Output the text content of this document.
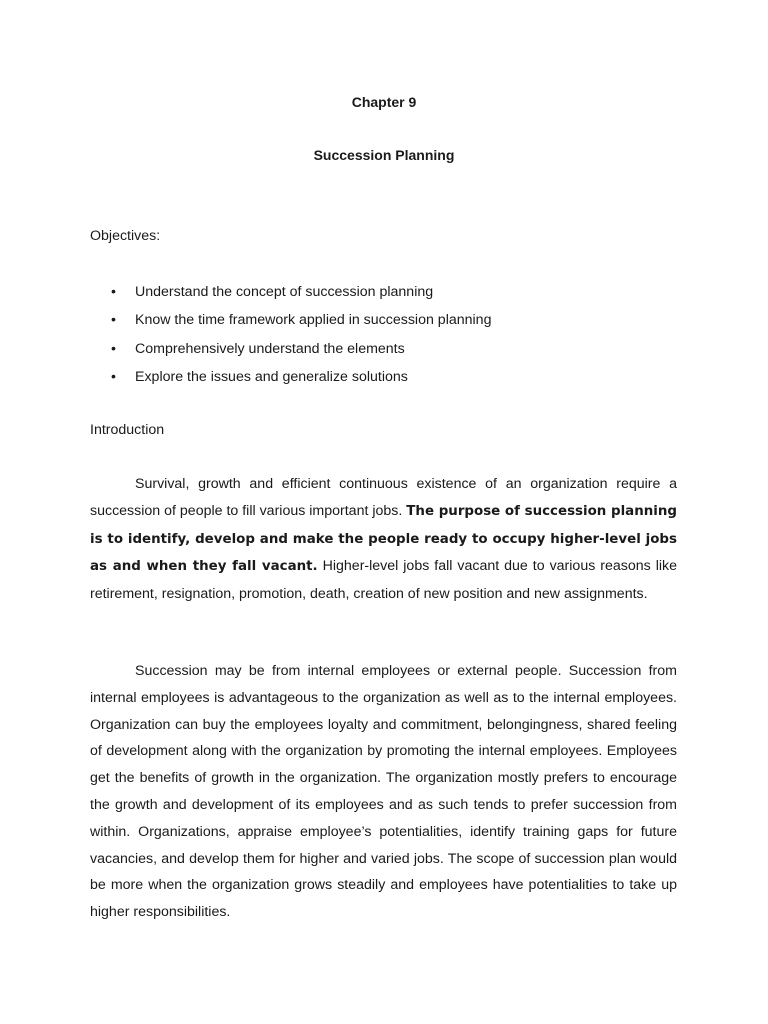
Chapter 9
Succession Planning
Objectives:
• Understand the concept of succession planning
• Know the time framework applied in succession planning
• Comprehensively understand the elements
• Explore the issues and generalize solutions
Introduction

Survival, growth and efficient continuous existence of an organization require a succession of people to fill various important jobs. The purpose of succession planning is to identify, develop and make the people ready to occupy higher-level jobs as and when they fall vacant. Higher-level jobs fall vacant due to various reasons like retirement, resignation, promotion, death, creation of new position and new assignments.

Succession may be from internal employees or external people. Succession from internal employees is advantageous to the organization as well as to the internal employees. Organization can buy the employees loyalty and commitment, belongingness, shared feeling of development along with the organization by promoting the internal employees. Employees get the benefits of growth in the organization. The organization mostly prefers to encourage the growth and development of its employees and as such tends to prefer succession from within. Organizations, appraise employee’s potentialities, identify training gaps for future vacancies, and develop them for higher and varied jobs. The scope of succession plan would be more when the organization grows steadily and employees have potentialities to take up higher responsibilities.
